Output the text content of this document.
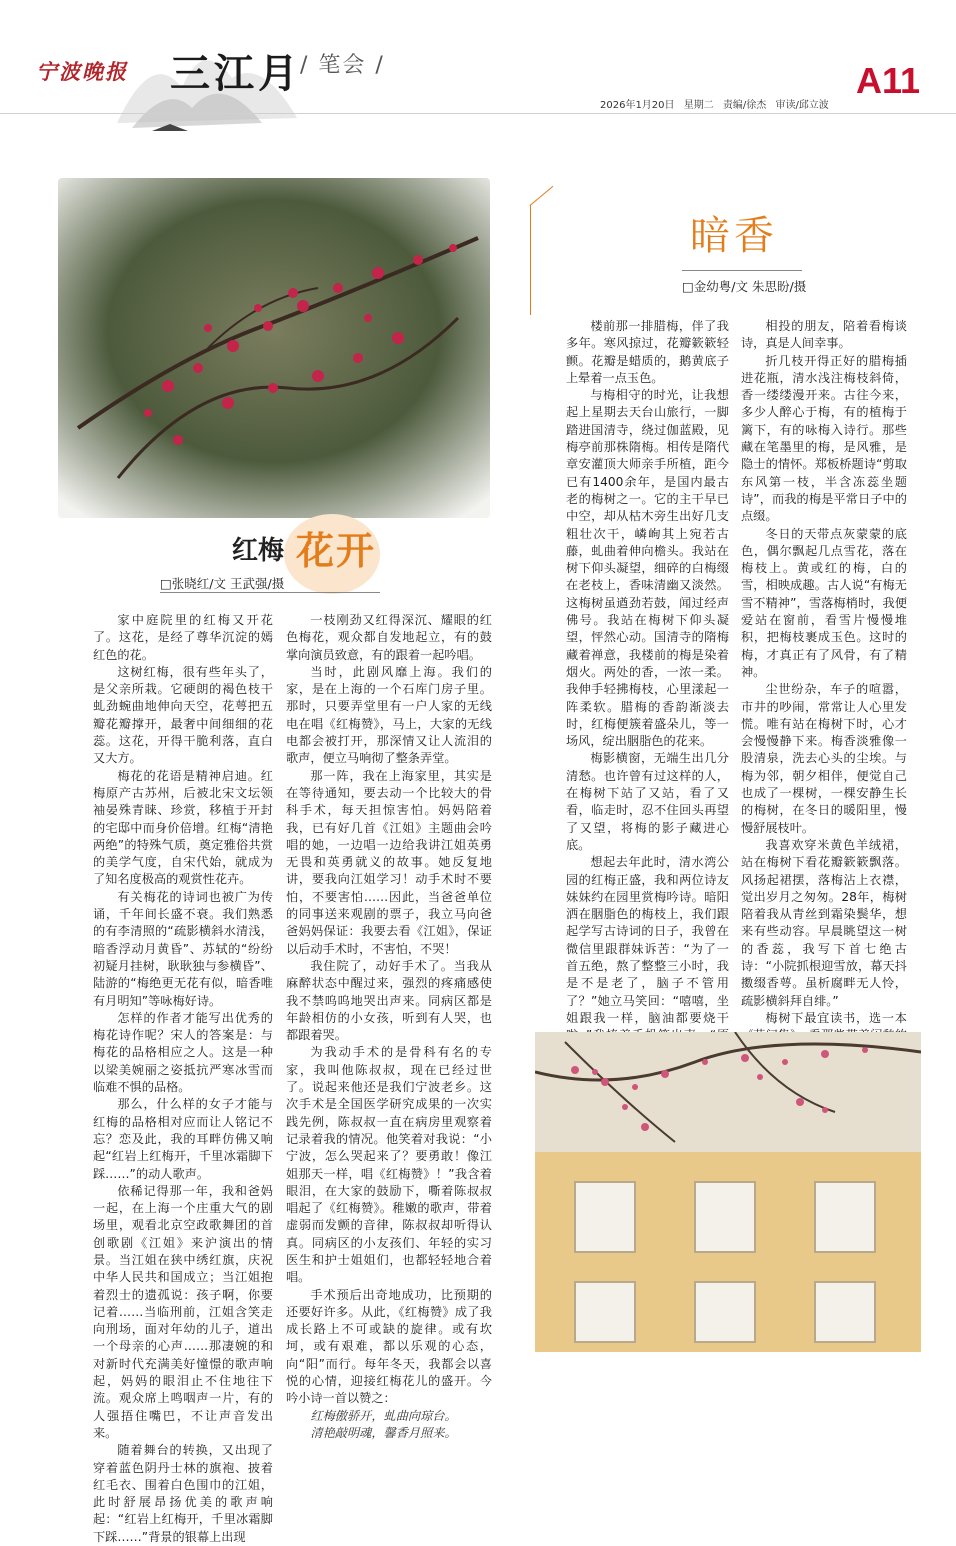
宁波晚报 三江月
/ 笔会 /	A11
2026年1月20日 星期二 责编/徐杰 审读/邱立波
红梅 花开
□张晓红/文 王武强/摄
暗香
□金幼粤/文 朱思盼/摄

家中庭院里的红梅又开花了。这花，是经了尊华沉淀的嫣红色的花。

这树红梅，很有些年头了，是父亲所栽。它硬朗的褐色枝干虬劲蜿曲地伸向天空，花萼把五瓣花瓣撑开，最奢中间细细的花蕊。这花，开得干脆利落，直白又大方。

梅花的花语是精神启迪。红梅原产古苏州，后被北宋文坛领袖晏殊青睐、珍赏，移植于开封的宅邸中而身价倍增。红梅“清艳两绝”的特殊气质，奠定雅俗共赏的美学气度，自宋代始，就成为了知名度极高的观赏性花卉。

有关梅花的诗词也被广为传诵，千年间长盛不衰。我们熟悉的有李清照的“疏影横斜水清浅，暗香浮动月黄昏”、苏轼的“纷纷初疑月挂树，耿耿独与参横昏”、陆游的“梅绝更无花有似，暗香唯有月明知”等咏梅好诗。

怎样的作者才能写出优秀的梅花诗作呢？宋人的答案是：与梅花的品格相应之人。这是一种以梁美婉丽之姿抵抗严寒冰雪而临难不惧的品格。

那么，什么样的女子才能与红梅的品格相对应而让人铭记不忘？恋及此，我的耳畔仿佛又响起“红岩上红梅开，千里冰霜脚下踩……”的动人歌声。

依稀记得那一年，我和爸妈一起，在上海一个庄重大气的剧场里，观看北京空政歌舞团的首创歌剧《江姐》来沪演出的情景。当江姐在狭中绣红旗，庆祝中华人民共和国成立；当江姐抱着烈士的遗孤说：孩子啊，你要记着……当临刑前，江姐含笑走向刑场，面对年幼的儿子，道出一个母亲的心声……那凄婉的和对新时代充满美好憧憬的歌声响起，妈妈的眼泪止不住地往下流。观众席上鸣咽声一片，有的人强捂住嘴巴，不让声音发出来。

随着舞台的转换，又出现了穿着蓝色阴丹士林的旗袍、披着红毛衣、围着白色围巾的江姐，此时舒展昂扬优美的歌声响起：“红岩上红梅开，千里冰霜脚下踩……”背景的银幕上出现

一枝刚劲又红得深沉、耀眼的红色梅花，观众都自发地起立，有的鼓掌向演员致意，有的跟着一起吟唱。

当时，此剧风靡上海。我们的家，是在上海的一个石库门房子里。那时，只要弄堂里有一户人家的无线电在唱《红梅赞》，马上，大家的无线电都会被打开，那深情又让人流泪的歌声，便立马响彻了整条弄堂。

那一阵，我在上海家里，其实是在等待通知，要去动一个比较大的骨科手术，每天担惊害怕。妈妈陪着我，已有好几首《江姐》主题曲会吟唱的她，一边唱一边给我讲江姐英勇无畏和英勇就义的故事。她反复地讲，要我向江姐学习！动手术时不要怕，不要害怕……因此，当爸爸单位的同事送来观剧的票子，我立马向爸爸妈妈保证：我要去看《江姐》，保证以后动手术时，不害怕，不哭！

我住院了，动好手术了。当我从麻醉状态中醒过来，强烈的疼痛感使我不禁呜呜地哭出声来。同病区都是年龄相仿的小女孩，听到有人哭，也都跟着哭。

为我动手术的是骨科有名的专家，我叫他陈叔叔，现在已经过世了。说起来他还是我们宁波老乡。这次手术是全国医学研究成果的一次实践先例，陈叔叔一直在病房里观察着记录着我的情况。他笑着对我说：“小宁波，怎么哭起来了？要勇敢！像江姐那天一样，唱《红梅赞》！”我含着眼泪，在大家的鼓励下，嘶着陈叔叔唱起了《红梅赞》。稚嫩的歌声，带着虚弱而发颤的音律，陈叔叔却听得认真。同病区的小友孩们、年轻的实习医生和护士姐姐们，也都轻轻地合着唱。

手术预后出奇地成功，比预期的还要好许多。从此，《红梅赞》成了我成长路上不可或缺的旋律。或有坎坷，或有艰难，都以乐观的心态，向“阳”而行。每年冬天，我都会以喜悦的心情，迎接红梅花儿的盛开。今吟小诗一首以赞之：

红梅傲骄开，虬曲向琼台。

清艳敲明魂，馨香月照来。

楼前那一排腊梅，伴了我多年。寒风掠过，花瓣簌簌轻颤。花瓣是蜡质的，鹅黄底子上晕着一点玉色。

与梅相守的时光，让我想起上星期去天台山旅行，一脚踏进国清寺，绕过伽蓝殿，见梅亭前那株隋梅。相传是隋代章安灌顶大师亲手所植，距今已有1400余年，是国内最古老的梅树之一。它的主干早已中空，却从枯木旁生出好几支粗壮次干，嶙峋其上宛若古藤，虬曲着伸向檐头。我站在树下仰头凝望，细碎的白梅缀在老枝上，香味清幽又淡然。这梅树虽遒劲若鼓，闻过经声佛号。我站在梅树下仰头凝望，怦然心动。国清寺的隋梅藏着禅意，我楼前的梅是染着烟火。两处的香，一浓一柔。我伸手轻拂梅枝，心里漾起一阵柔软。腊梅的香韵渐淡去时，红梅便簇着盛朵儿，等一场风，绽出胭脂色的花来。

梅影横窗，无端生出几分清愁。也许曾有过这样的人，在梅树下站了又站，看了又看，临走时，忍不住回头再望了又望，将梅的影子藏进心底。

想起去年此时，清水湾公园的红梅正盛，我和两位诗友妹妹约在园里赏梅吟诗。暗阳洒在胭脂色的梅枝上，我们跟起学写古诗词的日子，我曾在微信里跟群妹诉苦：“为了一首五绝，熬了整整三小时，我是不是老了，脑子不管用了？”她立马笑回：“嘻嘻，坐姐跟我一样，脑油都要烧干

相投的朋友，陪着看梅谈诗，真是人间幸事。

折几枝开得正好的腊梅插进花瓶，清水浅注梅枝斜倚，香一缕缕漫开来。古往今来，多少人醉心于梅，有的植梅于篱下，有的咏梅入诗行。那些藏在笔墨里的梅，是风雅，是隐士的情怀。郑板桥题诗“剪取东风第一枝，半含冻蕊坐题诗”，而我的梅是平常日子中的点缀。

冬日的天带点灰蒙蒙的底色，偶尔飘起几点雪花，落在梅枝上。黄或红的梅，白的雪，相映成趣。古人说“有梅无雪不精神”，雪落梅梢时，我便爱站在窗前，看雪片慢慢堆积，把梅枝裹成玉色。这时的梅，才真正有了风骨，有了精神。

尘世纷杂，车子的喧嚣，市井的吵闹，常常让人心里发慌。唯有站在梅树下时，心才会慢慢静下来。梅香淡雅像一股清泉，洗去心头的尘埃。与梅为邻，朝夕相伴，便觉自己也成了一棵树，一棵安静生长的梅树，在冬日的暖阳里，慢慢舒展枝叶。

我喜欢穿米黄色羊绒裙，站在梅树下看花瓣簌簌飘落。风扬起裙摆，落梅沾上衣襟，觉出岁月之匆匆。28年，梅树陪着我从青丝到霜染鬓华，想来有些动容。早晨眺望这一树的香蕊，我写下首七绝古诗：“小院抓根迎雪放，幕天抖擞缀香萼。虽析腐畔无人怜，疏影横斜拜自绯。”

梅树下最宜读书，选一本
